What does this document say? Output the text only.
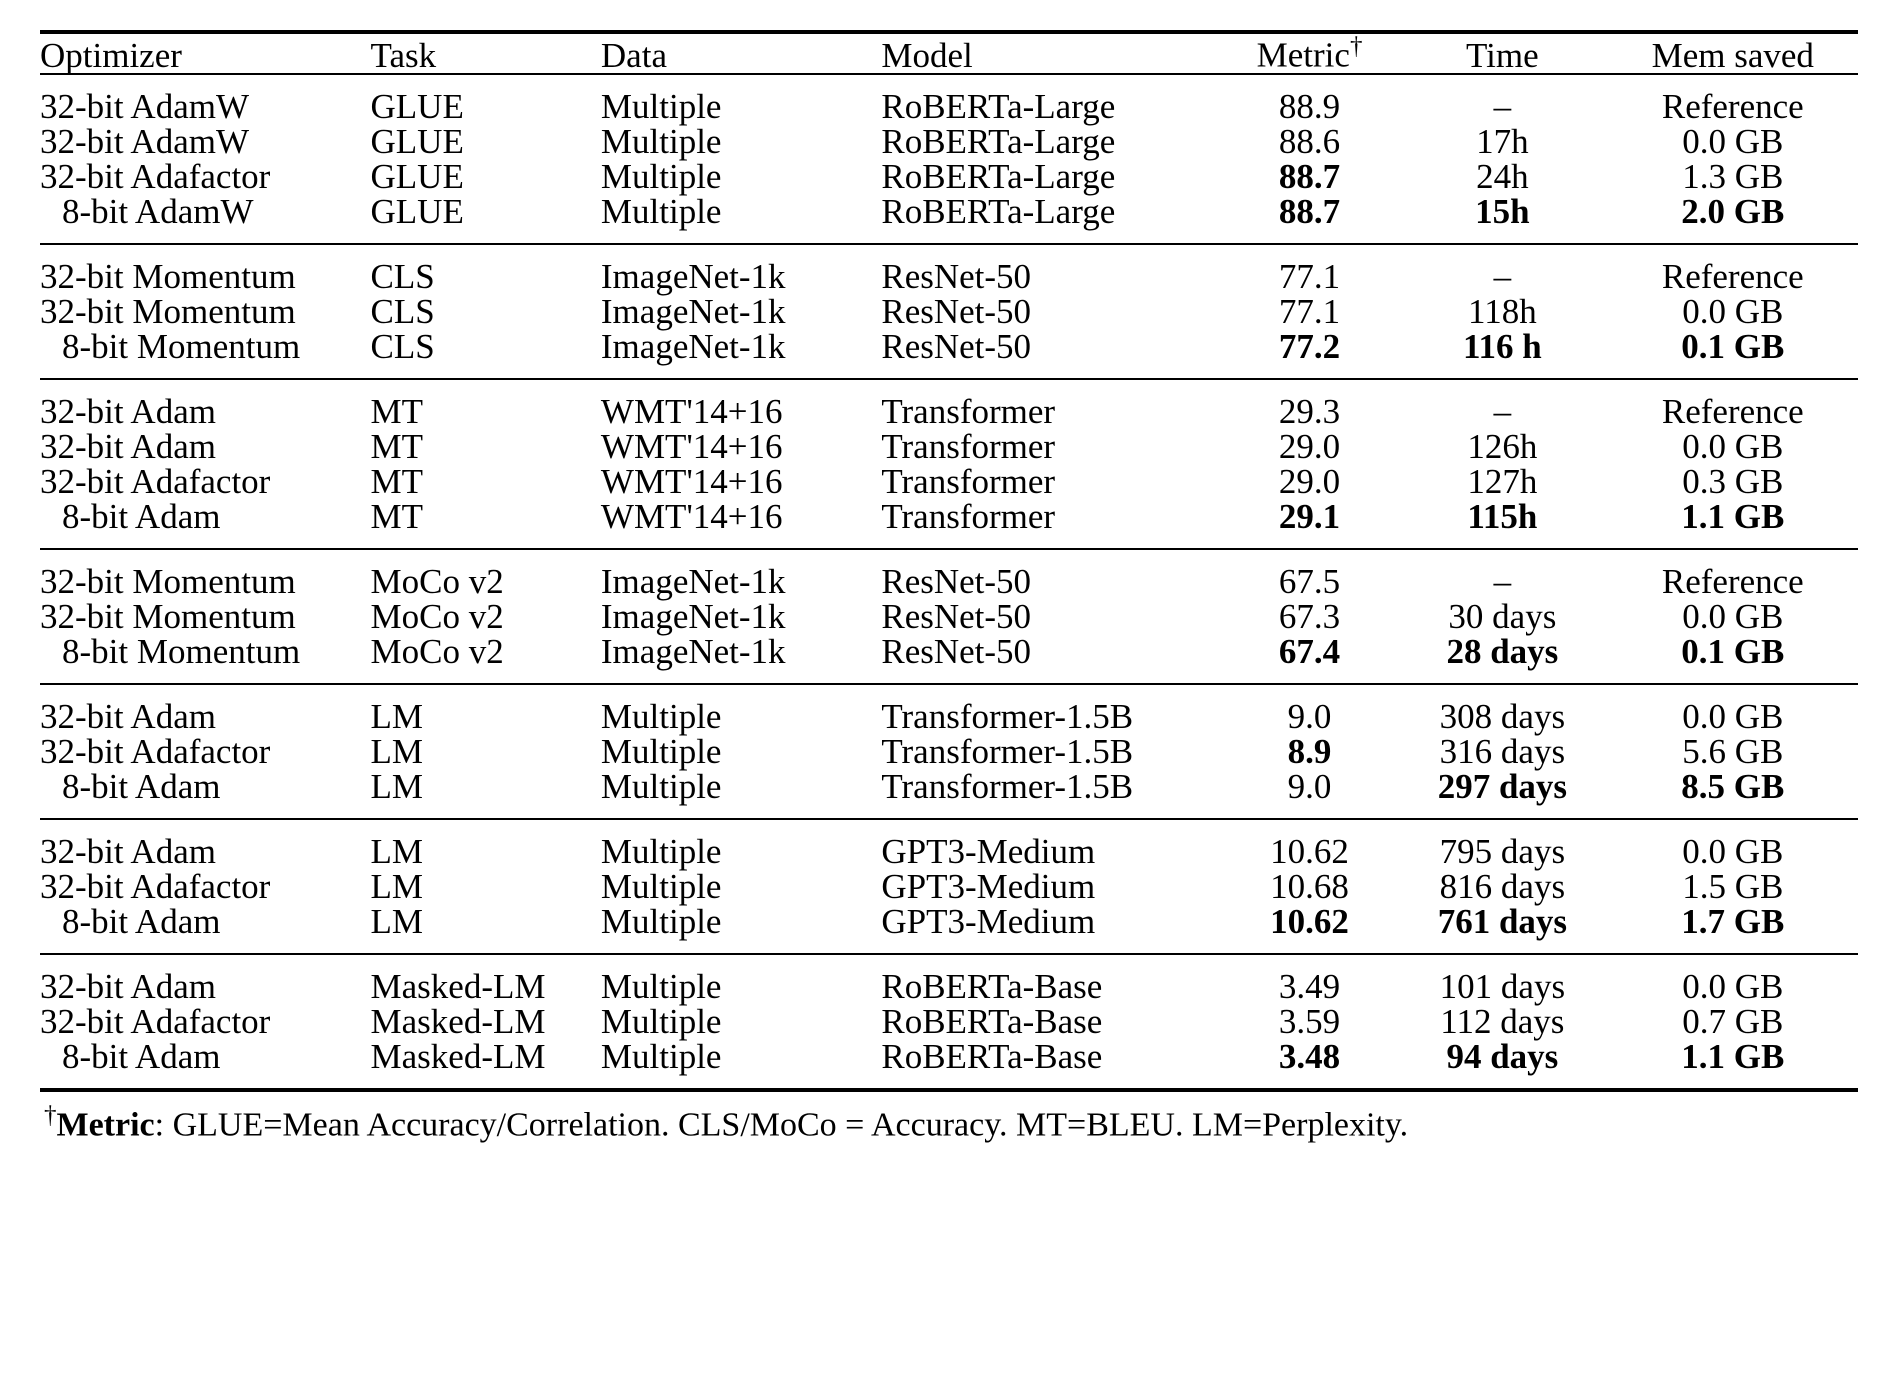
Optimizer	Task	Data	Model	Metric†	Time	Mem saved
32-bit AdamW	GLUE	Multiple	RoBERTa-Large	88.9	–	Reference
32-bit AdamW	GLUE	Multiple	RoBERTa-Large	88.6	17h	0.0 GB
32-bit Adafactor	GLUE	Multiple	RoBERTa-Large	88.7	24h	1.3 GB
8-bit AdamW	GLUE	Multiple	RoBERTa-Large	88.7	15h	2.0 GB
32-bit Momentum	CLS	ImageNet-1k	ResNet-50	77.1	–	Reference
32-bit Momentum	CLS	ImageNet-1k	ResNet-50	77.1	118h	0.0 GB
8-bit Momentum	CLS	ImageNet-1k	ResNet-50	77.2	116 h	0.1 GB
32-bit Adam	MT	WMT'14+16	Transformer	29.3	–	Reference
32-bit Adam	MT	WMT'14+16	Transformer	29.0	126h	0.0 GB
32-bit Adafactor	MT	WMT'14+16	Transformer	29.0	127h	0.3 GB
8-bit Adam	MT	WMT'14+16	Transformer	29.1	115h	1.1 GB
32-bit Momentum	MoCo v2	ImageNet-1k	ResNet-50	67.5	–	Reference
32-bit Momentum	MoCo v2	ImageNet-1k	ResNet-50	67.3	30 days	0.0 GB
8-bit Momentum	MoCo v2	ImageNet-1k	ResNet-50	67.4	28 days	0.1 GB
32-bit Adam	LM	Multiple	Transformer-1.5B	9.0	308 days	0.0 GB
32-bit Adafactor	LM	Multiple	Transformer-1.5B	8.9	316 days	5.6 GB
8-bit Adam	LM	Multiple	Transformer-1.5B	9.0	297 days	8.5 GB
32-bit Adam	LM	Multiple	GPT3-Medium	10.62	795 days	0.0 GB
32-bit Adafactor	LM	Multiple	GPT3-Medium	10.68	816 days	1.5 GB
8-bit Adam	LM	Multiple	GPT3-Medium	10.62	761 days	1.7 GB
32-bit Adam	Masked-LM	Multiple	RoBERTa-Base	3.49	101 days	0.0 GB
32-bit Adafactor	Masked-LM	Multiple	RoBERTa-Base	3.59	112 days	0.7 GB
8-bit Adam	Masked-LM	Multiple	RoBERTa-Base	3.48	94 days	1.1 GB
†Metric: GLUE=Mean Accuracy/Correlation. CLS/MoCo = Accuracy. MT=BLEU. LM=Perplexity.
